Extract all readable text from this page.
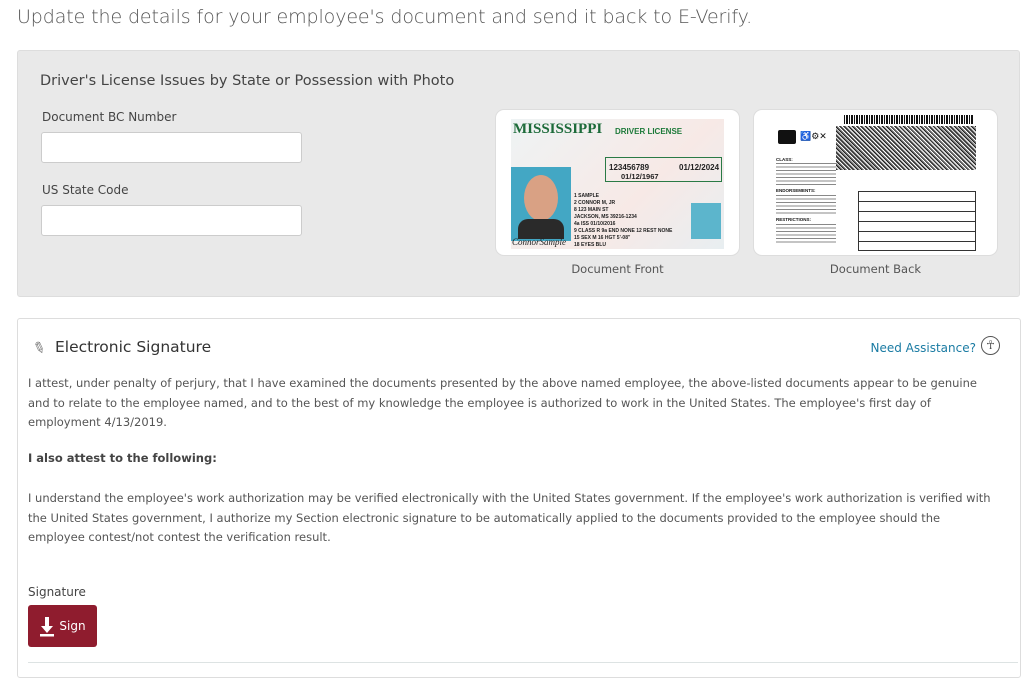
Update the details for your employee's document and send it back to E-Verify.
Driver's License Issues by State or Possession with Photo
Document BC Number
US State Code
MISSISSIPPI DRIVER LICENSE
123456789	01/12/2024
01/12/1967
1 SAMPLE
2 CONNOR M, JR
8 123 MAIN ST
JACKSON, MS 39216-1234
4a ISS 01/10/2016
9 CLASS R 9a END NONE 12 REST NONE
15 SEX M 16 HGT 5'-08"
18 EYES BLU
ConnorSample
Document Front
♿⚙✕
CLASS:
ENDORSEMENTS:
RESTRICTIONS:
Document Back
✎ Electronic Signature	Need Assistance? ☥
I attest, under penalty of perjury, that I have examined the documents presented by the above named employee, the above-listed documents appear to be genuine and to relate to the employee named, and to the best of my knowledge the employee is authorized to work in the United States. The employee's first day of employment 4/13/2019.
I also attest to the following:
I understand the employee's work authorization may be verified electronically with the United States government. If the employee's work authorization is verified with the United States government, I authorize my Section electronic signature to be automatically applied to the documents provided to the employee should the employee contest/not contest the verification result.
Signature
Sign
